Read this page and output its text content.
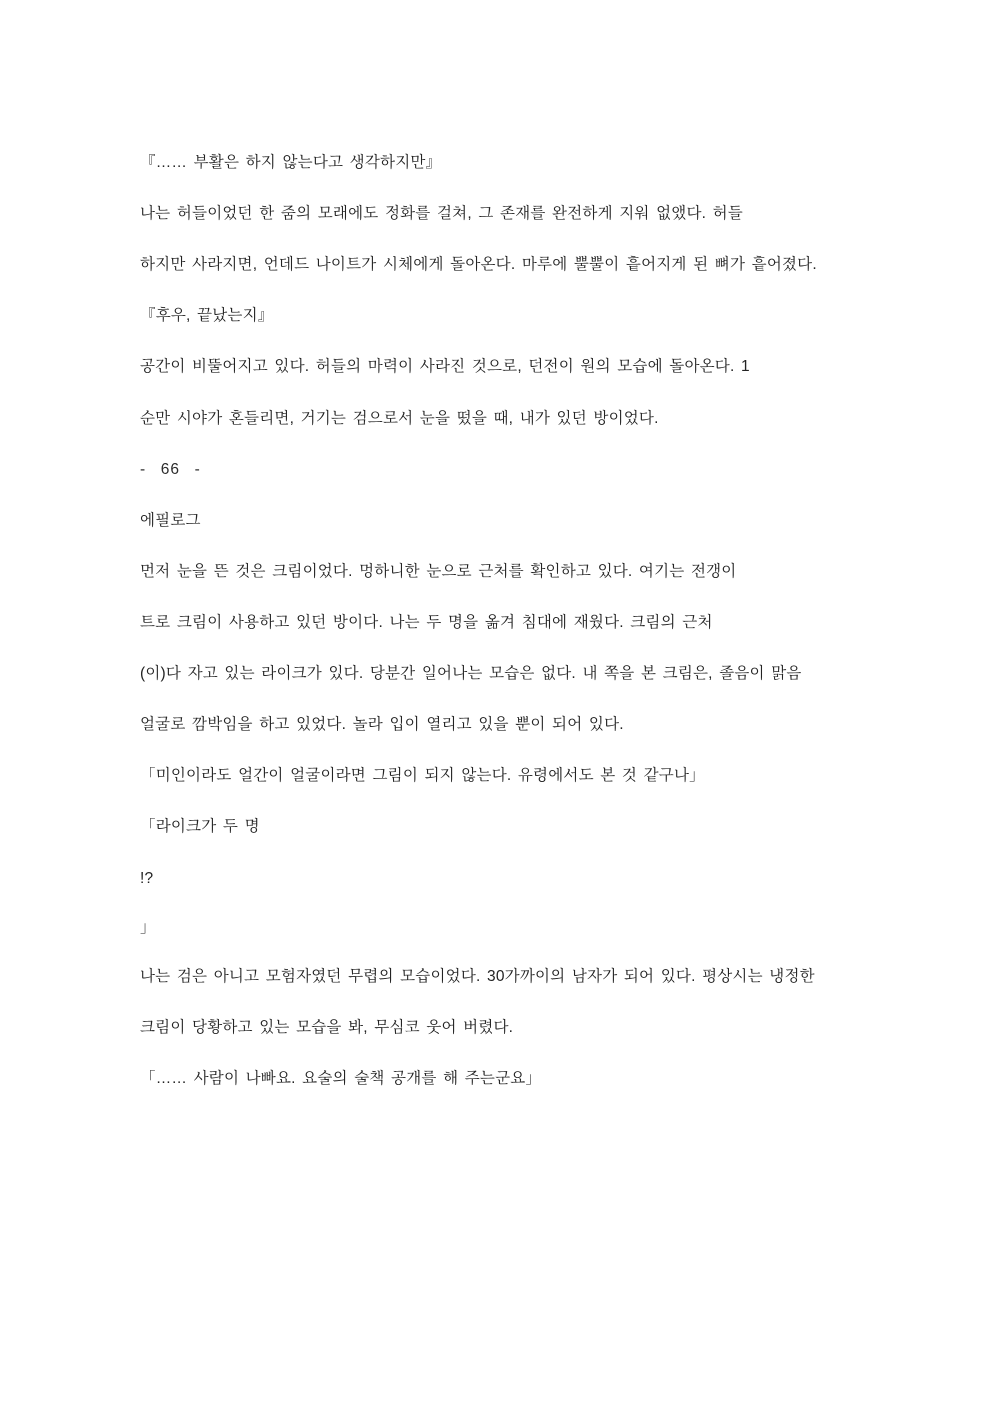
『…… 부활은 하지 않는다고 생각하지만』

나는 허들이었던 한 줌의 모래에도 정화를 걸쳐, 그 존재를 완전하게 지워 없앴다. 허들

하지만 사라지면, 언데드 나이트가 시체에게 돌아온다. 마루에 뿔뿔이 흩어지게 된 뼈가 흩어졌다.

『후우, 끝났는지』

공간이 비뚤어지고 있다. 허들의 마력이 사라진 것으로, 던전이 원의 모습에 돌아온다. 1

순만 시야가 혼들리면, 거기는 검으로서 눈을 떴을 때, 내가 있던 방이었다.

-  66  -

에필로그

먼저 눈을 뜬 것은 크림이었다. 멍하니한 눈으로 근처를 확인하고 있다. 여기는 전갱이

트로 크림이 사용하고 있던 방이다. 나는 두 명을 옮겨 침대에 재웠다. 크림의 근처

(이)다 자고 있는 라이크가 있다. 당분간 일어나는 모습은 없다. 내 쪽을 본 크림은, 졸음이 맑음

얼굴로 깜박임을 하고 있었다. 놀라 입이 열리고 있을 뿐이 되어 있다.

「미인이라도 얼간이 얼굴이라면 그림이 되지 않는다. 유령에서도 본 것 같구나」

「라이크가 두 명

!?

」

나는 검은 아니고 모험자였던 무렵의 모습이었다. 30가까이의 남자가 되어 있다. 평상시는 냉정한

크림이 당황하고 있는 모습을 봐, 무심코 웃어 버렸다.

「…… 사람이 나빠요. 요술의 술책 공개를 해 주는군요」
